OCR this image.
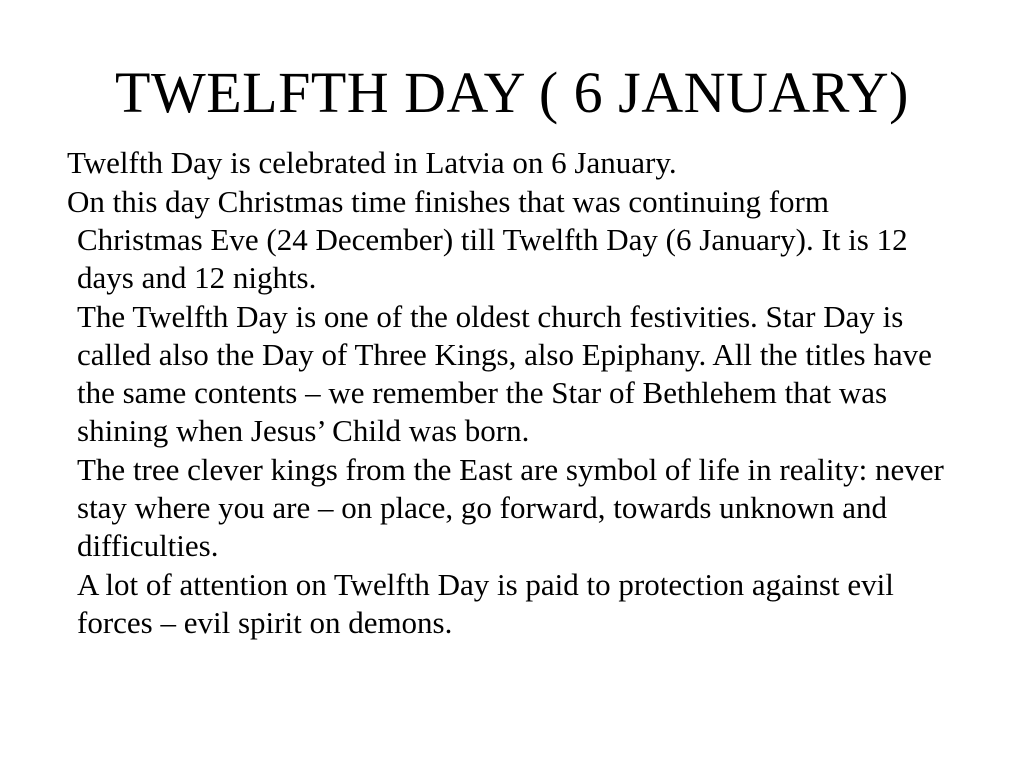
TWELFTH DAY ( 6 JANUARY)

Twelfth Day is celebrated in Latvia on 6 January.

On this day Christmas time finishes that was continuing form Christmas Eve (24 December) till Twelfth Day (6 January). It is 12 days and 12 nights.

The Twelfth Day is one of the oldest church festivities. Star Day is called also the Day of Three Kings, also Epiphany. All the titles have the same contents – we remember the Star of Bethlehem that was shining when Jesus’ Child was born.

The tree clever kings from the East are symbol of life in reality: never stay where you are – on place, go forward, towards unknown and difficulties.

A lot of attention on Twelfth Day is paid to protection against evil forces – evil spirit on demons.
